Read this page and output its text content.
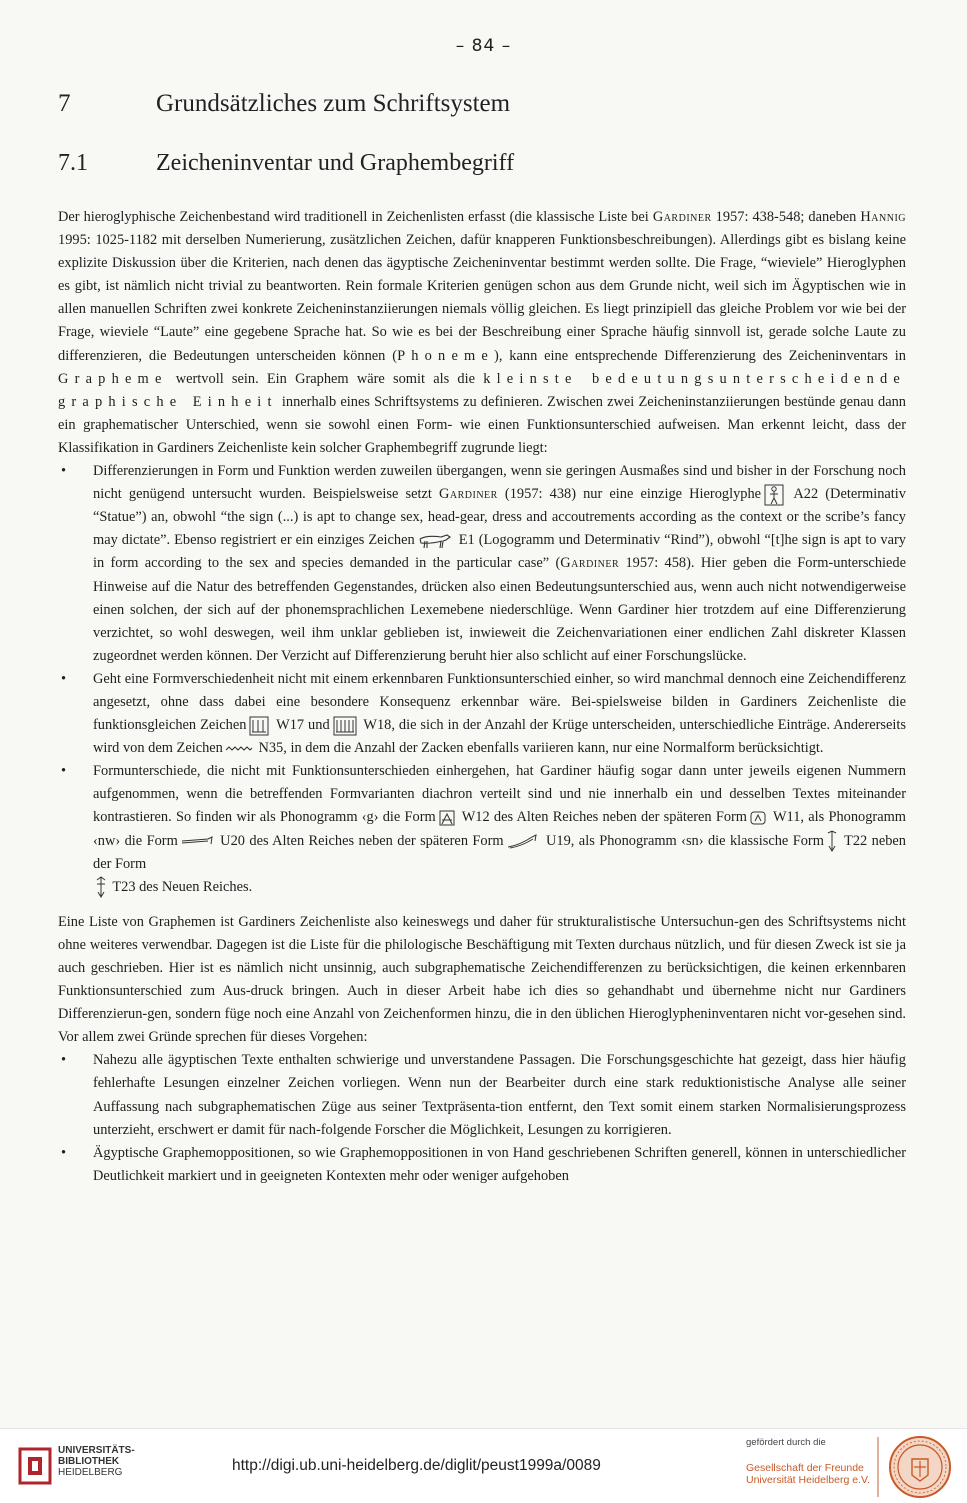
– 84 –
7	Grundsätzliches zum Schriftsystem
7.1	Zeicheninventar und Graphembegriff

Der hieroglyphische Zeichenbestand wird traditionell in Zeichenlisten erfasst (die klassische Liste bei Gardiner 1957: 438-548; daneben Hannig 1995: 1025-1182 mit derselben Numerierung, zusätzlichen Zeichen, dafür knapperen Funktionsbeschreibungen). Allerdings gibt es bislang keine explizite Diskussion über die Kriterien, nach denen das ägyptische Zeicheninventar bestimmt werden sollte. Die Frage, “wieviele” Hieroglyphen es gibt, ist nämlich nicht trivial zu beantworten. Rein formale Kriterien genügen schon aus dem Grunde nicht, weil sich im Ägyptischen wie in allen manuellen Schriften zwei konkrete Zeicheninstanziierungen niemals völlig gleichen. Es liegt prinzipiell das gleiche Problem vor wie bei der Frage, wieviele “Laute” eine gegebene Sprache hat. So wie es bei der Beschreibung einer Sprache häufig sinnvoll ist, gerade solche Laute zu differenzieren, die Bedeutungen unterscheiden können (Phoneme), kann eine entsprechende Differenzierung des Zeicheninventars in Grapheme wertvoll sein. Ein Graphem wäre somit als die kleinste bedeutungsunterscheidende graphische Einheit innerhalb eines Schriftsystems zu definieren. Zwischen zwei Zeicheninstanziierungen bestünde genau dann ein graphematischer Unterschied, wenn sie sowohl einen Form- wie einen Funktionsunterschied aufweisen. Man erkennt leicht, dass der Klassifikation in Gardiners Zeichenliste kein solcher Graphembegriff zugrunde liegt:

• Differenzierungen in Form und Funktion werden zuweilen übergangen, wenn sie geringen Ausmaßes sind und bisher in der Forschung noch nicht genügend untersucht wurden. Beispielsweise setzt Gardiner (1957: 438) nur eine einzige Hieroglyphe
A22 (Determinativ “Statue”) an, obwohl “the sign (...) is apt to change sex, head-gear, dress and accoutrements according as the context or the scribe’s fancy may dictate”. Ebenso registriert er ein einziges Zeichen	E1 (Logogramm und Determinativ “Rind”), obwohl “[t]he sign is apt to vary in form according to the sex and species demanded in the particular case” (Gardiner 1957: 458). Hier geben die Form-unterschiede Hinweise auf die Natur des betreffenden Gegenstandes, drücken also einen Bedeutungsunterschied aus, wenn auch nicht notwendigerweise einen solchen, der sich auf der phonemsprachlichen Lexemebene niederschlüge. Wenn Gardiner hier trotzdem auf eine Differenzierung verzichtet, so wohl deswegen, weil ihm unklar geblieben ist, inwieweit die Zeichenvariationen einer endlichen Zahl diskreter Klassen zugeordnet werden können. Der Verzicht auf Differenzierung beruht hier also schlicht auf einer Forschungslücke.

• Geht eine Formverschiedenheit nicht mit einem erkennbaren Funktionsunterschied einher, so wird manchmal dennoch eine Zeichendifferenz angesetzt, ohne dass dabei eine besondere Konsequenz erkennbar wäre. Bei-spielsweise bilden in Gardiners Zeichenliste die funktionsgleichen Zeichen
W17 und
W18, die sich in der Anzahl der Krüge unterscheiden, unterschiedliche Einträge. Andererseits wird von dem Zeichen
N35, in dem die Anzahl der Zacken ebenfalls variieren kann, nur eine Normalform berücksichtigt.

• Formunterschiede, die nicht mit Funktionsunterschieden einhergehen, hat Gardiner häufig sogar dann unter jeweils eigenen Nummern aufgenommen, wenn die betreffenden Formvarianten diachron verteilt sind und nie innerhalb ein und desselben Textes miteinander kontrastieren. So finden wir als Phonogramm ‹g› die Form
W12 des Alten Reiches neben der späteren Form
W11, als Phonogramm ‹nw› die Form	U20 des Alten Reiches neben der späteren Form	U19, als Phonogramm ‹sn› die klassische Form
T22 neben der Form

T23 des Neuen Reiches.

Eine Liste von Graphemen ist Gardiners Zeichenliste also keineswegs und daher für strukturalistische Untersuchun-gen des Schriftsystems nicht ohne weiteres verwendbar. Dagegen ist die Liste für die philologische Beschäftigung mit Texten durchaus nützlich, und für diesen Zweck ist sie ja auch geschrieben. Hier ist es nämlich nicht unsinnig, auch subgraphematische Zeichendifferenzen zu berücksichtigen, die keinen erkennbaren Funktionsunterschied zum Aus-druck bringen. Auch in dieser Arbeit habe ich dies so gehandhabt und übernehme nicht nur Gardiners Differenzierun-gen, sondern füge noch eine Anzahl von Zeichenformen hinzu, die in den üblichen Hieroglypheninventaren nicht vor-gesehen sind. Vor allem zwei Gründe sprechen für dieses Vorgehen:

• Nahezu alle ägyptischen Texte enthalten schwierige und unverstandene Passagen. Die Forschungsgeschichte hat gezeigt, dass hier häufig fehlerhafte Lesungen einzelner Zeichen vorliegen. Wenn nun der Bearbeiter durch eine stark reduktionistische Analyse alle seiner Auffassung nach subgraphematischen Züge aus seiner Textpräsenta-tion entfernt, den Text somit einem starken Normalisierungsprozess unterzieht, erschwert er damit für nach-folgende Forscher die Möglichkeit, Lesungen zu korrigieren.

• Ägyptische Graphemoppositionen, so wie Graphemoppositionen in von Hand geschriebenen Schriften generell, können in unterschiedlicher Deutlichkeit markiert und in geeigneten Kontexten mehr oder weniger aufgehoben

UNIVERSITÄTS-
BIBLIOTHEK
HEIDELBERG	http://digi.ub.uni-heidelberg.de/diglit/peust1999a/0089
gefördert durch die
Gesellschaft der Freunde
Universität Heidelberg e.V.
